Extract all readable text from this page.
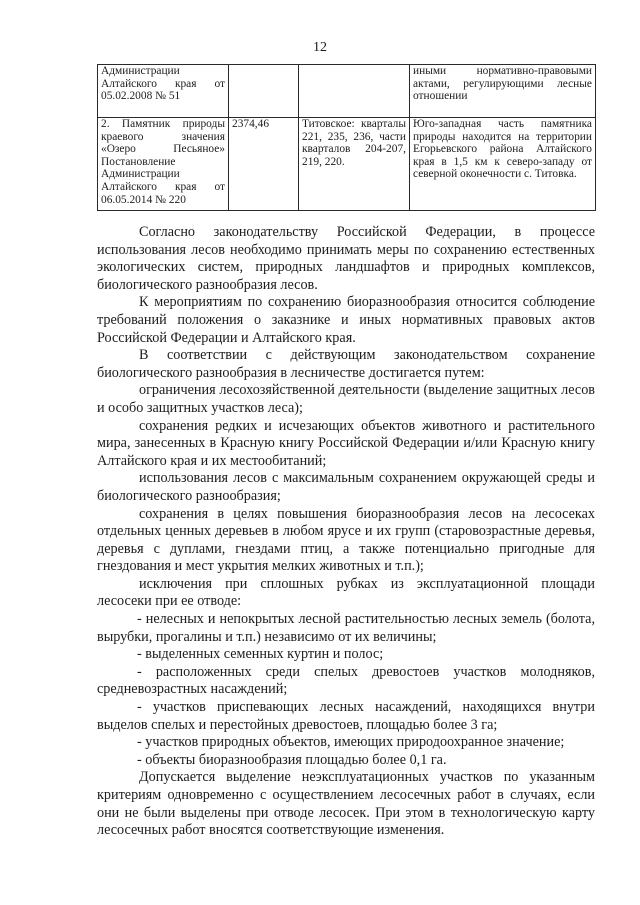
12
Администрации Алтайского края от 05.02.2008 № 51			иными нормативно-правовыми актами, регулирующими лесные отношении
2. Памятник природы краевого значения «Озеро Песьяное» Постановление Администрации Алтайского края от 06.05.2014 № 220	2374,46	Титовское: кварталы 221, 235, 236, части кварталов 204-207, 219, 220.	Юго-западная часть памятника природы находится на территории Егорьевского района Алтайского края в 1,5 км к северо-западу от северной оконечности с. Титовка.

Согласно законодательству Российской Федерации, в процессе использования лесов необходимо принимать меры по сохранению естественных экологических систем, природных ландшафтов и природных комплексов, биологического разнообразия лесов.

К мероприятиям по сохранению биоразнообразия относится соблюдение требований положения о заказнике и иных нормативных правовых актов Российской Федерации и Алтайского края.

В соответствии с действующим законодательством сохранение биологического разнообразия в лесничестве достигается путем:

ограничения лесохозяйственной деятельности (выделение защитных лесов и особо защитных участков леса);

сохранения редких и исчезающих объектов животного и растительного мира, занесенных в Красную книгу Российской Федерации и/или Красную книгу Алтайского края и их местообитаний;

использования лесов с максимальным сохранением окружающей среды и биологического разнообразия;

сохранения в целях повышения биоразнообразия лесов на лесосеках отдельных ценных деревьев в любом ярусе и их групп (старовозрастные деревья, деревья с дуплами, гнездами птиц, а также потенциально пригодные для гнездования и мест укрытия мелких животных и т.п.);

исключения при сплошных рубках из эксплуатационной площади лесосеки при ее отводе:

- нелесных и непокрытых лесной растительностью лесных земель (болота, вырубки, прогалины и т.п.) независимо от их величины;

- выделенных семенных куртин и полос;

- расположенных среди спелых древостоев участков молодняков, средневозрастных насаждений;

- участков приспевающих лесных насаждений, находящихся внутри выделов спелых и перестойных древостоев, площадью более 3 га;

- участков природных объектов, имеющих природоохранное значение;

- объекты биоразнообразия площадью более 0,1 га.

Допускается выделение неэксплуатационных участков по указанным критериям одновременно с осуществлением лесосечных работ в случаях, если они не были выделены при отводе лесосек. При этом в технологическую карту лесосечных работ вносятся соответствующие изменения.
